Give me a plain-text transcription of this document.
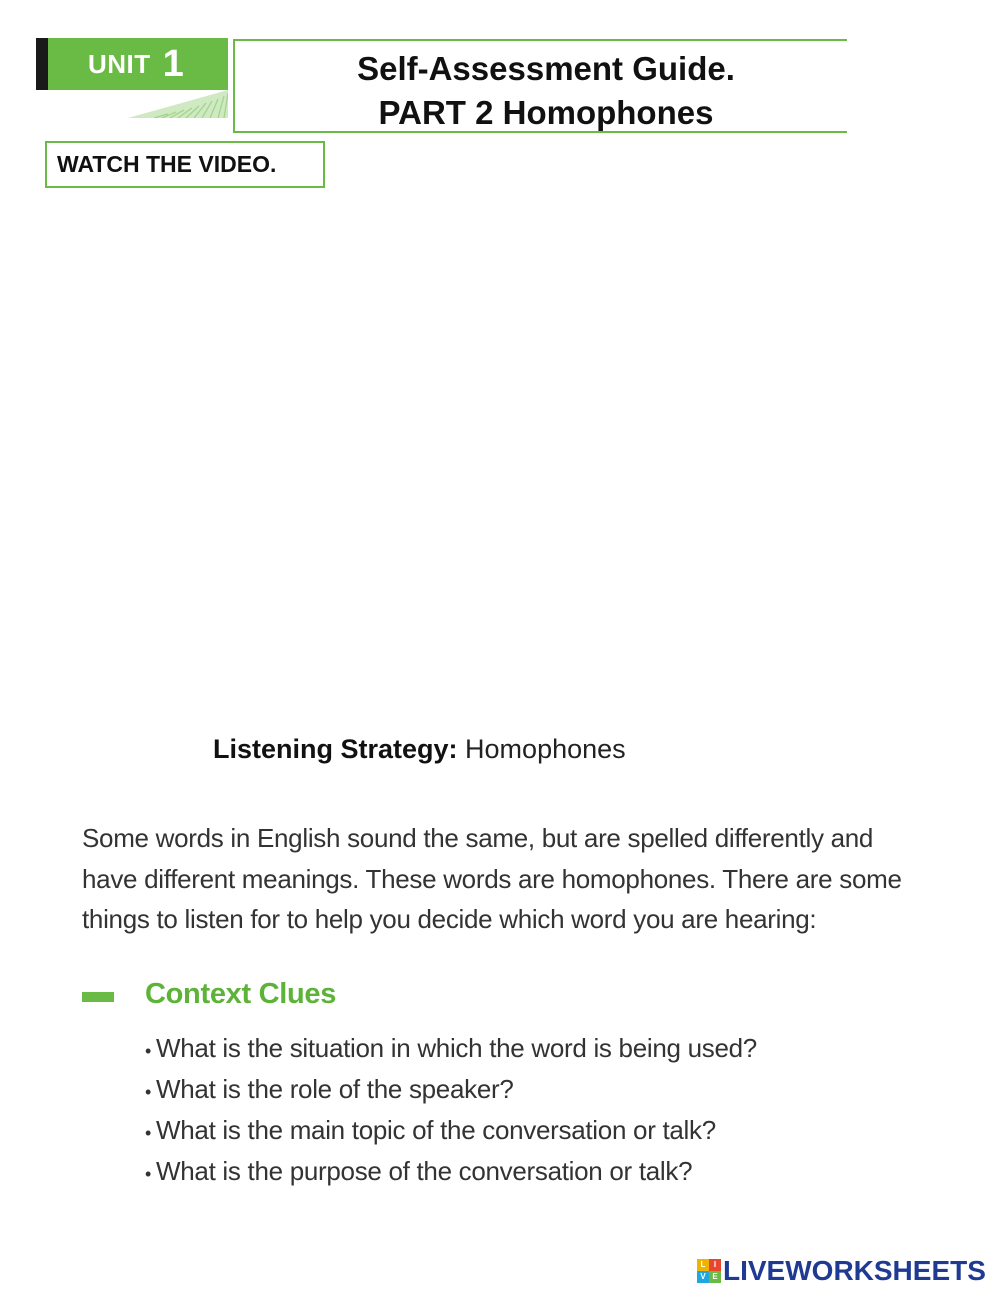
UNIT 1	Self-Assessment Guide.
PART 2 Homophones
WATCH THE VIDEO.
Listening Strategy: Homophones
Some words in English sound the same, but are spelled differently and have different meanings. These words are homophones. There are some things to listen for to help you decide which word you are hearing:
Context Clues
• What is the situation in which the word is being used?
• What is the role of the speaker?
• What is the main topic of the conversation or talk?
• What is the purpose of the conversation or talk?
L	I
V E LIVEWORKSHEETS
